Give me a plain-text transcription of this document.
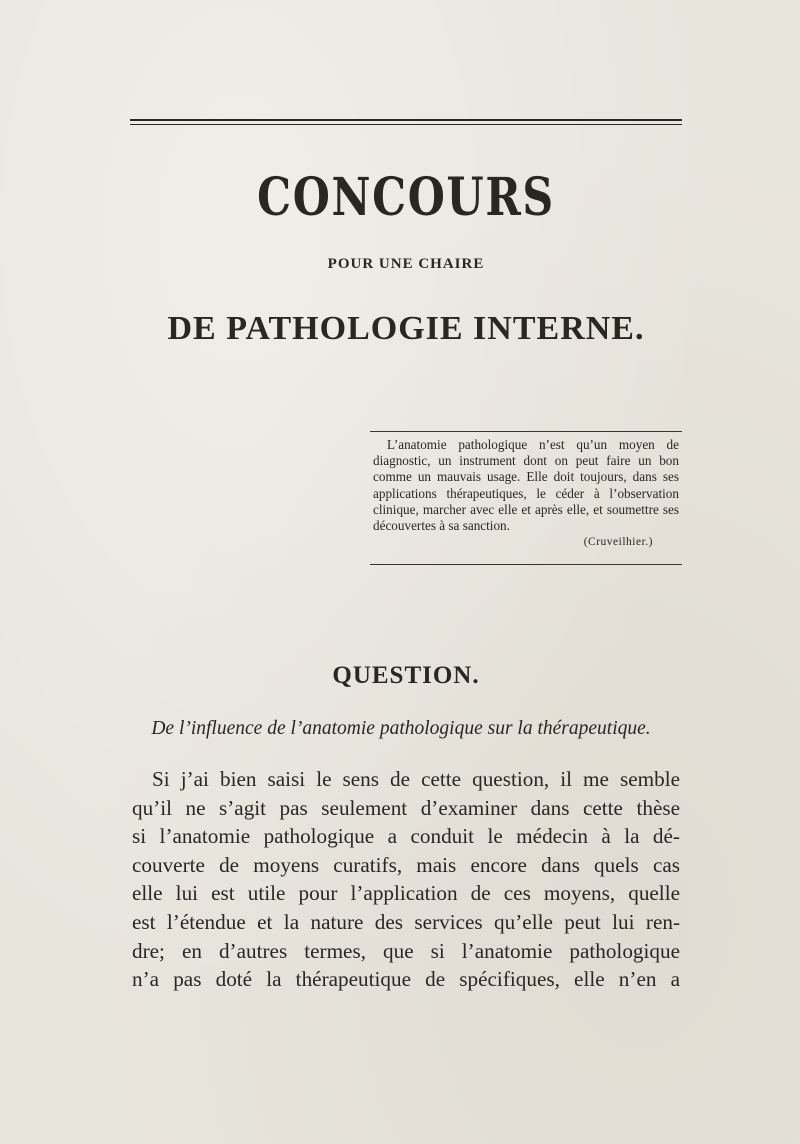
CONCOURS
POUR UNE CHAIRE
DE PATHOLOGIE INTERNE.
L’anatomie pathologique n’est qu’un moyen de diagnostic, un instrument dont on peut faire un bon comme un mauvais usage. Elle doit toujours, dans ses applications thérapeutiques, le céder à l’observation clinique, marcher avec elle et après elle, et soumettre ses découvertes à sa sanction.
(Cruveilhier.)
QUESTION.
De l’influence de l’anatomie pathologique sur la thérapeutique.
Si j’ai bien saisi le sens de cette question, il me semble
qu’il ne s’agit pas seulement d’examiner dans cette thèse
si l’anatomie pathologique a conduit le médecin à la dé-
couverte de moyens curatifs, mais encore dans quels cas
elle lui est utile pour l’application de ces moyens, quelle
est l’étendue et la nature des services qu’elle peut lui ren-
dre; en d’autres termes, que si l’anatomie pathologique
n’a pas doté la thérapeutique de spécifiques, elle n’en a
